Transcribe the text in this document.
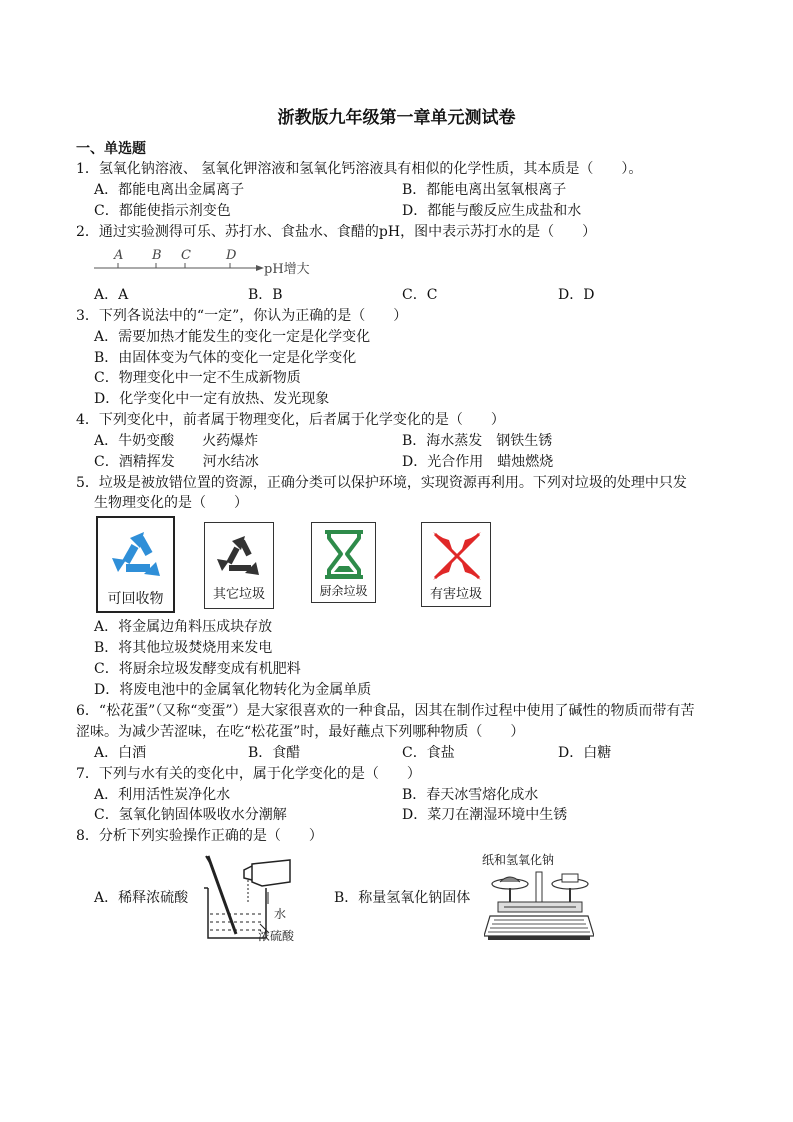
浙教版九年级第一章单元测试卷
一、单选题
1．氢氧化钠溶液、 氢氧化钾溶液和氢氧化钙溶液具有相似的化学性质，其本质是（　　）。
A．都能电离出金属离子	B．都能电离出氢氧根离子
C．都能使指示剂变色	D．都能与酸反应生成盐和水
2．通过实验测得可乐、苏打水、食盐水、食醋的pH，图中表示苏打水的是（　　）
A B C	D
pH增大
A．A	B．B	C．C	D．D
3．下列各说法中的“一定”，你认为正确的是（　　）
A．需要加热才能发生的变化一定是化学变化
B．由固体变为气体的变化一定是化学变化
C．物理变化中一定不生成新物质
D．化学变化中一定有放热、发光现象
4．下列变化中，前者属于物理变化，后者属于化学变化的是（　　）
A．牛奶变酸　　火药爆炸	B．海水蒸发　钢铁生锈
C．酒精挥发　　河水结冰	D．光合作用　蜡烛燃烧
5．垃圾是被放错位置的资源，正确分类可以保护环境，实现资源再利用。下列对垃圾的处理中只发
生物理变化的是（　　）
可回收物	其它垃圾	厨余垃圾	有害垃圾
A．将金属边角料压成块存放
B．将其他垃圾焚烧用来发电
C．将厨余垃圾发酵变成有机肥料
D．将废电池中的金属氧化物转化为金属单质
6．“松花蛋”（又称“变蛋”）是大家很喜欢的一种食品，因其在制作过程中使用了碱性的物质而带有苦
涩味。为减少苦涩味，在吃“松花蛋”时，最好蘸点下列哪种物质（　　）
A．白酒	B．食醋	C．食盐	D．白糖
7．下列与水有关的变化中，属于化学变化的是（　　）
A．利用活性炭净化水	B．春天冰雪熔化成水
C．氢氧化钠固体吸收水分潮解	D．菜刀在潮湿环境中生锈
8．分析下列实验操作正确的是（　　）
A．稀释浓硫酸
水
浓硫酸
B．称量氢氧化钠固体
纸和氢氧化钠
